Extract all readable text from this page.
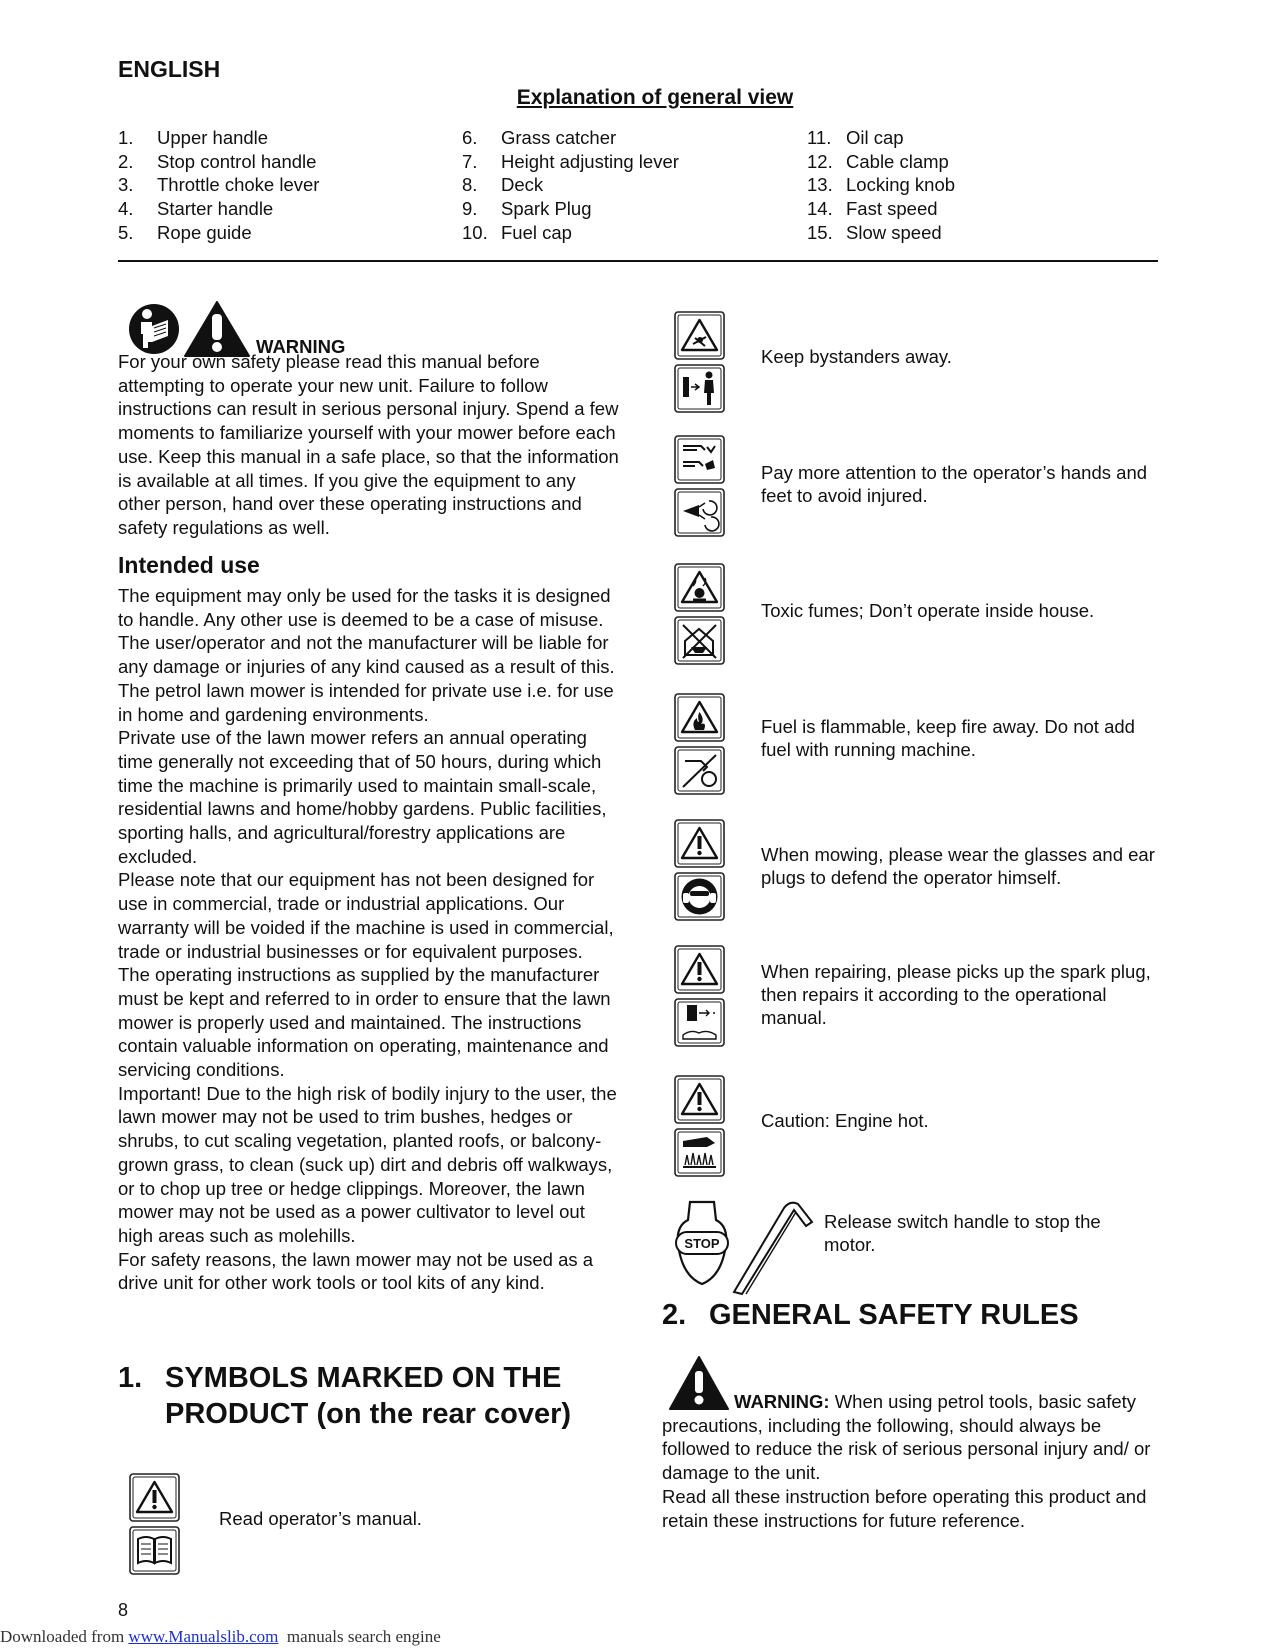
ENGLISH
Explanation of general view
1.	Upper handle
2.	Stop control handle
3.	Throttle choke lever
4.	Starter handle
5.	Rope guide
6.	Grass catcher
7.	Height adjusting lever
8.	Deck
9.	Spark Plug
10. Fuel cap
11. Oil cap
12. Cable clamp
13. Locking knob
14. Fast speed
15. Slow speed
WARNING
For your own safety please read this manual before attempting to operate your new unit. Failure to follow instructions can result in serious personal injury. Spend a few moments to familiarize yourself with your mower before each use. Keep this manual in a safe place, so that the information is available at all times. If you give the equipment to any other person, hand over these operating instructions and safety regulations as well.
Intended use
The equipment may only be used for the tasks it is designed to handle. Any other use is deemed to be a case of misuse. The user/operator and not the manufacturer will be liable for any damage or injuries of any kind caused as a result of this.
The petrol lawn mower is intended for private use i.e. for use in home and gardening environments.
Private use of the lawn mower refers an annual operating time generally not exceeding that of 50 hours, during which time the machine is primarily used to maintain small-scale, residential lawns and home/hobby gardens. Public facilities, sporting halls, and agricultural/forestry applications are excluded.
Please note that our equipment has not been designed for use in commercial, trade or industrial applications. Our warranty will be voided if the machine is used in commercial, trade or industrial businesses or for equivalent purposes.
The operating instructions as supplied by the manufacturer must be kept and referred to in order to ensure that the lawn mower is properly used and maintained. The instructions contain valuable information on operating, maintenance and servicing conditions.
Important! Due to the high risk of bodily injury to the user, the lawn mower may not be used to trim bushes, hedges or shrubs, to cut scaling vegetation, planted roofs, or balcony-grown grass, to clean (suck up) dirt and debris off walkways, or to chop up tree or hedge clippings. Moreover, the lawn mower may not be used as a power cultivator to level out high areas such as molehills.
For safety reasons, the lawn mower may not be used as a drive unit for other work tools or tool kits of any kind.
1. SYMBOLS MARKED ON THE
PRODUCT (on the rear cover)
Read operator’s manual.
Keep bystanders away.
Pay more attention to the operator’s hands and feet to avoid injured.
Toxic fumes; Don’t operate inside house.
Fuel is flammable, keep fire away. Do not add fuel with running machine.
When mowing, please wear the glasses and ear plugs to defend the operator himself.
When repairing, please picks up the spark plug, then repairs it according to the operational manual.
Caution: Engine hot.
STOP
Release switch handle to stop the motor.
2. GENERAL SAFETY RULES
WARNING: When using petrol tools, basic safety precautions, including the following, should always be followed to reduce the risk of serious personal injury and/ or damage to the unit.
Read all these instruction before operating this product and retain these instructions for future reference.
8
Downloaded from www.Manualslib.com  manuals search engine
